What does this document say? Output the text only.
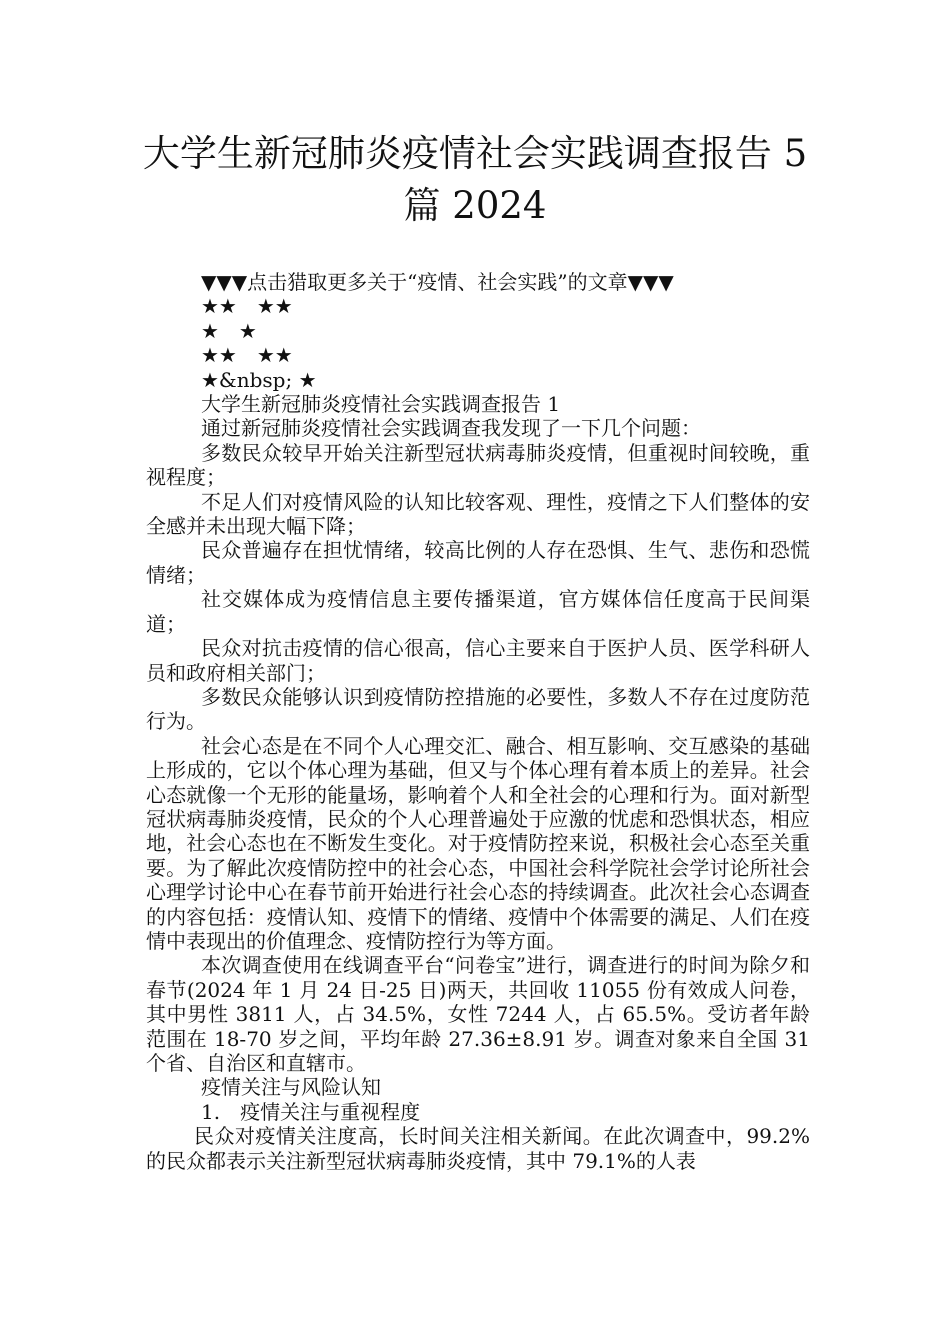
大学生新冠肺炎疫情社会实践调查报告 5
篇 2024

▼▼▼点击猎取更多关于“疫情、社会实践”的文章▼▼▼

★★　★★

★　★

★★　★★

★&nbsp; ★

大学生新冠肺炎疫情社会实践调查报告 1

通过新冠肺炎疫情社会实践调查我发现了一下几个问题：

多数民众较早开始关注新型冠状病毒肺炎疫情，但重视时间较晚，重视程度；

不足人们对疫情风险的认知比较客观、理性，疫情之下人们整体的安全感并未出现大幅下降；

民众普遍存在担忧情绪，较高比例的人存在恐惧、生气、悲伤和恐慌情绪；

社交媒体成为疫情信息主要传播渠道，官方媒体信任度高于民间渠道；

民众对抗击疫情的信心很高，信心主要来自于医护人员、医学科研人员和政府相关部门；

多数民众能够认识到疫情防控措施的必要性，多数人不存在过度防范行为。

社会心态是在不同个人心理交汇、融合、相互影响、交互感染的基础上形成的，它以个体心理为基础，但又与个体心理有着本质上的差异。社会心态就像一个无形的能量场，影响着个人和全社会的心理和行为。面对新型冠状病毒肺炎疫情，民众的个人心理普遍处于应激的忧虑和恐惧状态，相应地，社会心态也在不断发生变化。对于疫情防控来说，积极社会心态至关重要。为了解此次疫情防控中的社会心态，中国社会科学院社会学讨论所社会心理学讨论中心在春节前开始进行社会心态的持续调查。此次社会心态调查的内容包括：疫情认知、疫情下的情绪、疫情中个体需要的满足、人们在疫情中表现出的价值理念、疫情防控行为等方面。

本次调查使用在线调查平台“问卷宝”进行，调查进行的时间为除夕和春节(2024 年 1 月 24 日-25 日)两天，共回收 11055 份有效成人问卷，其中男性 3811 人，占 34.5%，女性 7244 人，占 65.5%。受访者年龄范围在 18-70 岁之间，平均年龄 27.36±8.91 岁。调查对象来自全国 31 个省、自治区和直辖市。

疫情关注与风险认知

1.　疫情关注与重视程度

民众对疫情关注度高，长时间关注相关新闻。在此次调查中，99.2%的民众都表示关注新型冠状病毒肺炎疫情，其中 79.1%的人表
